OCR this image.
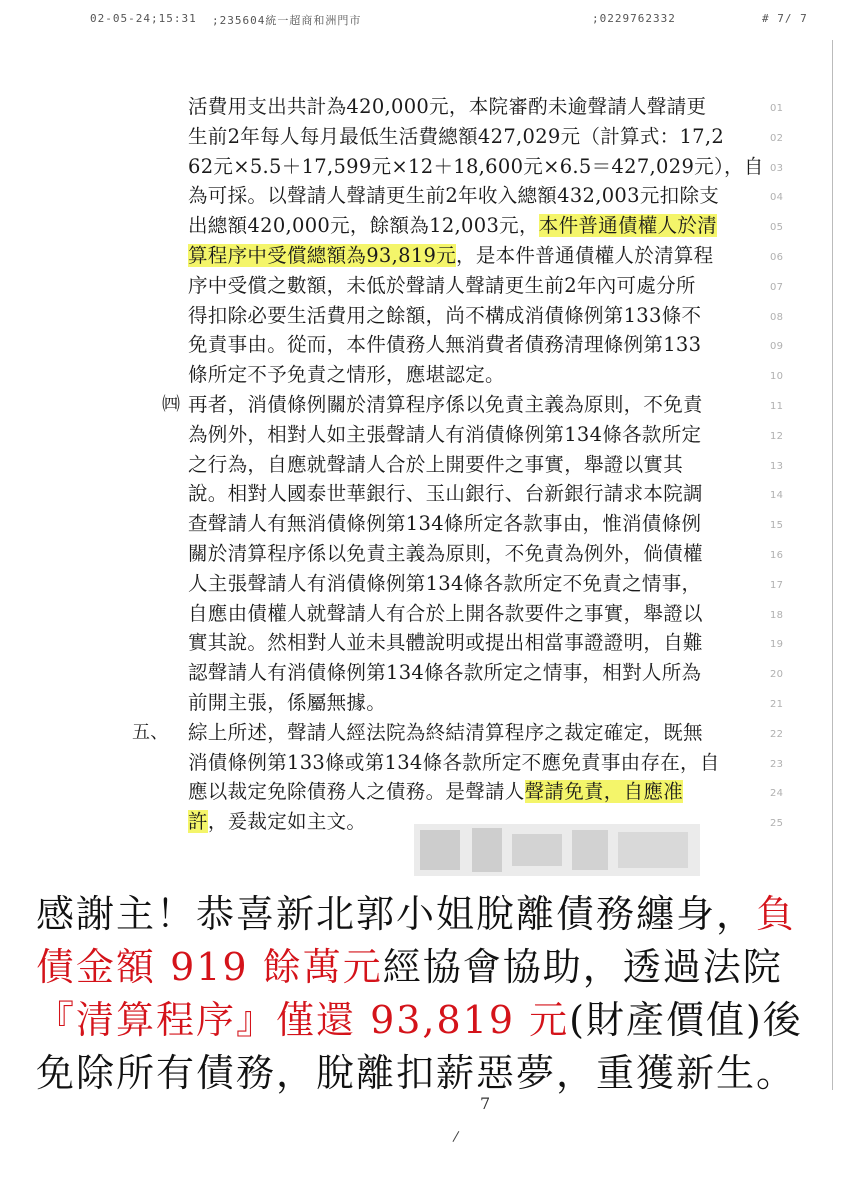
02-05-24;15:31 ;235604統一超商和洲門市	;0229762332	# 7/ 7
活費用支出共計為420,000元，本院審酌未逾聲請人聲請更	01
生前2年每人每月最低生活費總額427,029元（計算式：17,2	02
62元×5.5＋17,599元×12＋18,600元×6.5＝427,029元），自 03
為可採。以聲請人聲請更生前2年收入總額432,003元扣除支	04
出總額420,000元，餘額為12,003元，本件普通債權人於清	05
算程序中受償總額為93,819元，是本件普通債權人於清算程	06
序中受償之數額，未低於聲請人聲請更生前2年內可處分所	07
得扣除必要生活費用之餘額，尚不構成消債條例第133條不	08
免責事由。從而，本件債務人無消費者債務清理條例第133	09
條所定不予免責之情形，應堪認定。	10
㈣ 再者，消債條例關於清算程序係以免責主義為原則，不免責	11
為例外，相對人如主張聲請人有消債條例第134條各款所定	12
之行為，自應就聲請人合於上開要件之事實，舉證以實其	13
說。相對人國泰世華銀行、玉山銀行、台新銀行請求本院調	14
查聲請人有無消債條例第134條所定各款事由，惟消債條例	15
關於清算程序係以免責主義為原則，不免責為例外，倘債權	16
人主張聲請人有消債條例第134條各款所定不免責之情事，	17
自應由債權人就聲請人有合於上開各款要件之事實，舉證以	18
實其說。然相對人並未具體說明或提出相當事證證明，自難	19
認聲請人有消債條例第134條各款所定之情事，相對人所為	20
前開主張，係屬無據。	21
五、 綜上所述，聲請人經法院為終結清算程序之裁定確定，既無	22
消債條例第133條或第134條各款所定不應免責事由存在，自	23
應以裁定免除債務人之債務。是聲請人聲請免責，自應准	24
許，爰裁定如主文。	25
感謝主！恭喜新北郭小姐脫離債務纏身，負
債金額 919 餘萬元經協會協助，透過法院
『清算程序』僅還 93,819 元(財產價值)後
免除所有債務，脫離扣薪惡夢，重獲新生。
7
